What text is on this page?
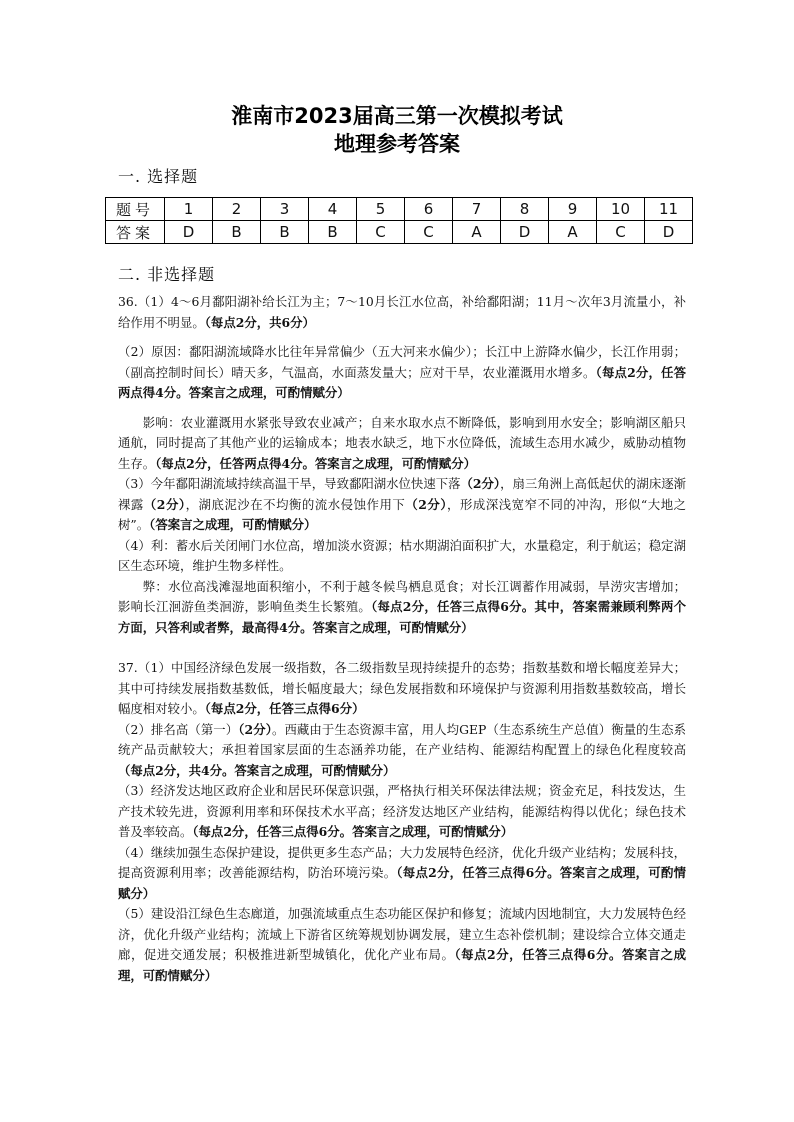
淮南市2023届高三第一次模拟考试
地理参考答案
一. 选择题
题号	1	2	3	4	5	6	7	8	9	10	11
答案	D	B	B	B	C	C	A	D	A	C	D
二. 非选择题

36.（1）4～6月鄱阳湖补给长江为主；7～10月长江水位高，补给鄱阳湖；11月～次年3月流量小，补给作用不明显。（每点2分，共6分）

（2）原因：鄱阳湖流域降水比往年异常偏少（五大河来水偏少）；长江中上游降水偏少，长江作用弱；（副高控制时间长）晴天多，气温高，水面蒸发量大；应对干旱，农业灌溉用水增多。（每点2分，任答两点得4分。答案言之成理，可酌情赋分）

影响：农业灌溉用水紧张导致农业减产；自来水取水点不断降低，影响到用水安全；影响湖区船只通航，同时提高了其他产业的运输成本；地表水缺乏，地下水位降低，流域生态用水减少，威胁动植物生存。（每点2分，任答两点得4分。答案言之成理，可酌情赋分）

（3）今年鄱阳湖流域持续高温干旱，导致鄱阳湖水位快速下落（2分），扇三角洲上高低起伏的湖床逐渐裸露（2分），湖底泥沙在不均衡的流水侵蚀作用下（2分），形成深浅宽窄不同的冲沟，形似“大地之树”。（答案言之成理，可酌情赋分）

（4）利：蓄水后关闭闸门水位高，增加淡水资源；枯水期湖泊面积扩大，水量稳定，利于航运；稳定湖区生态环境，维护生物多样性。

弊：水位高浅滩湿地面积缩小，不利于越冬候鸟栖息觅食；对长江调蓄作用减弱，旱涝灾害增加；影响长江洄游鱼类洄游，影响鱼类生长繁殖。（每点2分，任答三点得6分。其中，答案需兼顾利弊两个方面，只答利或者弊，最高得4分。答案言之成理，可酌情赋分）

37.（1）中国经济绿色发展一级指数，各二级指数呈现持续提升的态势；指数基数和增长幅度差异大；其中可持续发展指数基数低，增长幅度最大；绿色发展指数和环境保护与资源利用指数基数较高，增长幅度相对较小。（每点2分，任答三点得6分）

（2）排名高（第一）（2分）。西藏由于生态资源丰富，用人均GEP（生态系统生产总值）衡量的生态系统产品贡献较大；承担着国家层面的生态涵养功能，在产业结构、能源结构配置上的绿色化程度较高（每点2分，共4分。答案言之成理，可酌情赋分）

（3）经济发达地区政府企业和居民环保意识强，严格执行相关环保法律法规；资金充足，科技发达，生产技术较先进，资源利用率和环保技术水平高；经济发达地区产业结构，能源结构得以优化；绿色技术普及率较高。（每点2分，任答三点得6分。答案言之成理，可酌情赋分）

（4）继续加强生态保护建设，提供更多生态产品；大力发展特色经济，优化升级产业结构；发展科技，提高资源利用率；改善能源结构，防治环境污染。（每点2分，任答三点得6分。答案言之成理，可酌情赋分）

（5）建设沿江绿色生态廊道，加强流域重点生态功能区保护和修复；流域内因地制宜，大力发展特色经济，优化升级产业结构；流域上下游省区统筹规划协调发展，建立生态补偿机制；建设综合立体交通走廊，促进交通发展；积极推进新型城镇化，优化产业布局。（每点2分，任答三点得6分。答案言之成理，可酌情赋分）
